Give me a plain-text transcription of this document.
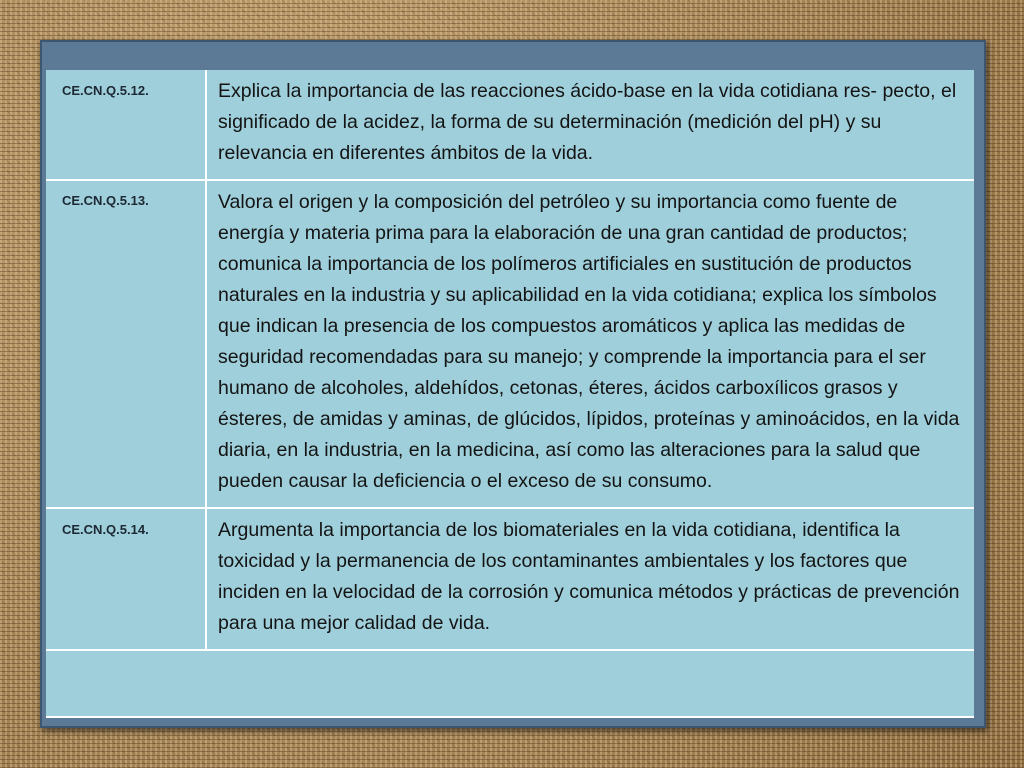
CE.CN.Q.5.12.	Explica la importancia de las reacciones ácido-base en la vida cotidiana res- pecto, el significado de la acidez, la forma de su determinación (medición del pH) y su relevancia en diferentes ámbitos de la vida.
CE.CN.Q.5.13.	Valora el origen y la composición del petróleo y su importancia como fuente de energía y materia prima para la elaboración de una gran cantidad de productos; comunica la importancia de los polímeros artificiales en sustitución de productos naturales en la industria y su aplicabilidad en la vida cotidiana; explica los símbolos que indican la presencia de los compuestos aromáticos y aplica las medidas de seguridad recomendadas para su manejo; y comprende la importancia para el ser humano de alcoholes, aldehídos, cetonas, éteres, ácidos carboxílicos grasos y ésteres, de amidas y aminas, de glúcidos, lípidos, proteínas y aminoácidos, en la vida diaria, en la industria, en la medicina, así como las alteraciones para la salud que pueden causar la deficiencia o el exceso de su consumo.
CE.CN.Q.5.14.	Argumenta la importancia de los biomateriales en la vida cotidiana, identifica la toxicidad y la permanencia de los contaminantes ambientales y los factores que inciden en la velocidad de la corrosión y comunica métodos y prácticas de prevención para una mejor calidad de vida.
